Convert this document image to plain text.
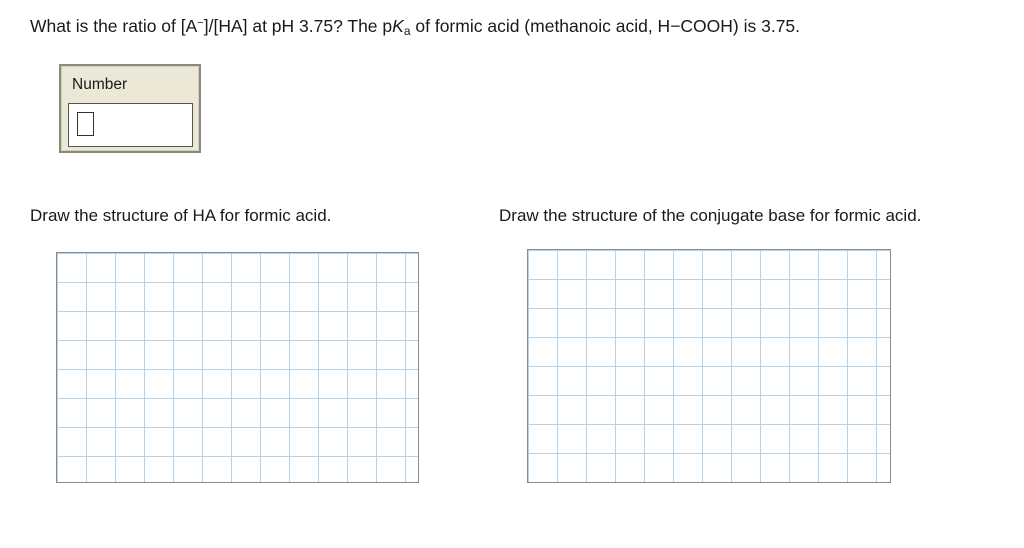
What is the ratio of [A−]/[HA] at pH 3.75? The $pK_a$ of formic acid (methanoic acid, H−COOH) is 3.75.
Number
Draw the structure of HA for formic acid.	Draw the structure of the conjugate base for formic acid.
